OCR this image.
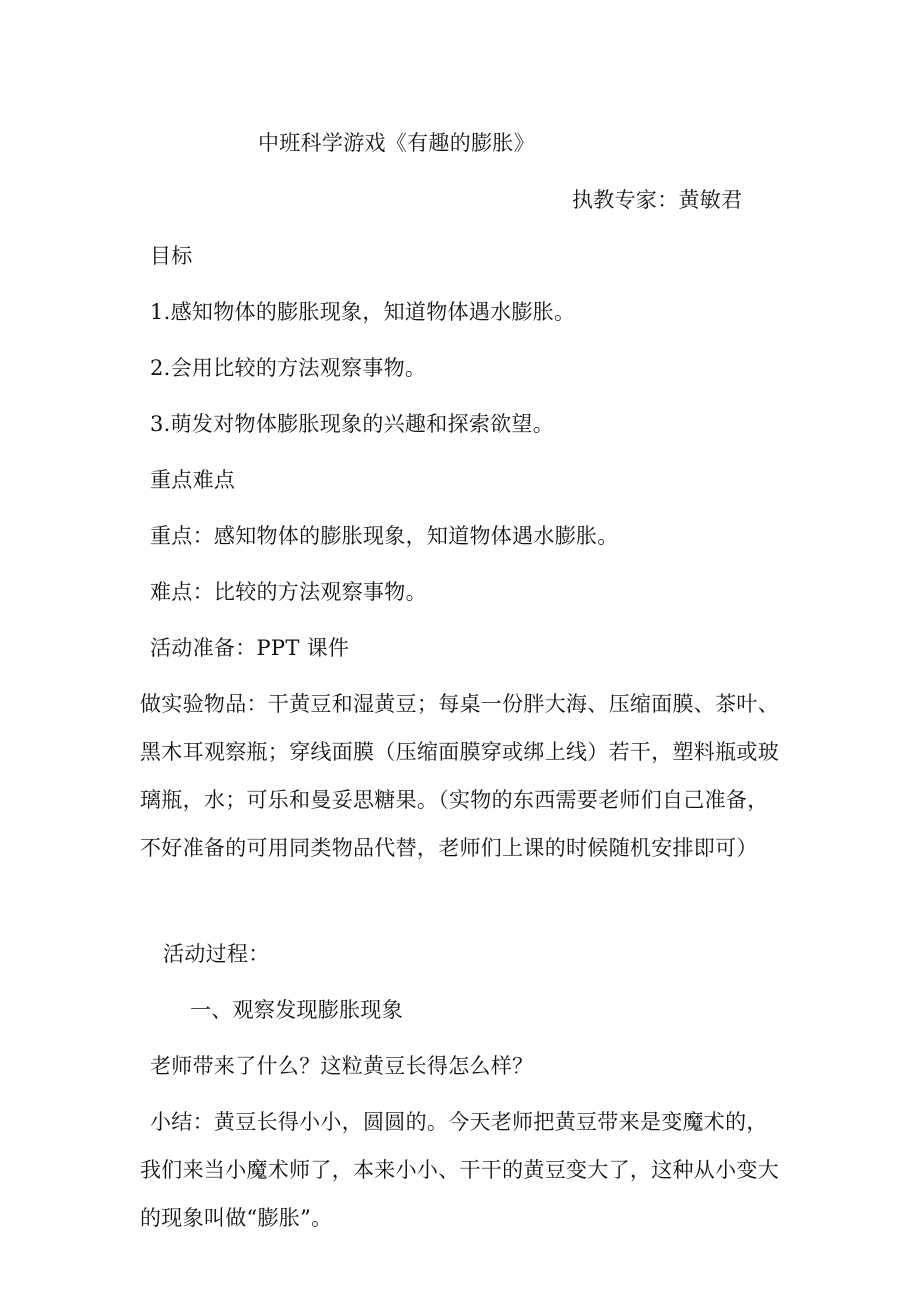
中班科学游戏《有趣的膨胀》
执教专家：黄敏君
目标
1.感知物体的膨胀现象，知道物体遇水膨胀。
2.会用比较的方法观察事物。
3.萌发对物体膨胀现象的兴趣和探索欲望。
重点难点
重点：感知物体的膨胀现象，知道物体遇水膨胀。
难点：比较的方法观察事物。
活动准备：PPT 课件
做实验物品：干黄豆和湿黄豆；每桌一份胖大海、压缩面膜、茶叶、
黑木耳观察瓶；穿线面膜（压缩面膜穿或绑上线）若干，塑料瓶或玻
璃瓶，水；可乐和曼妥思糖果。（实物的东西需要老师们自己准备，
不好准备的可用同类物品代替，老师们上课的时候随机安排即可）
活动过程：
一、观察发现膨胀现象
老师带来了什么？这粒黄豆长得怎么样？
小结：黄豆长得小小，圆圆的。今天老师把黄豆带来是变魔术的，
我们来当小魔术师了，本来小小、干干的黄豆变大了，这种从小变大
的现象叫做“膨胀”。
